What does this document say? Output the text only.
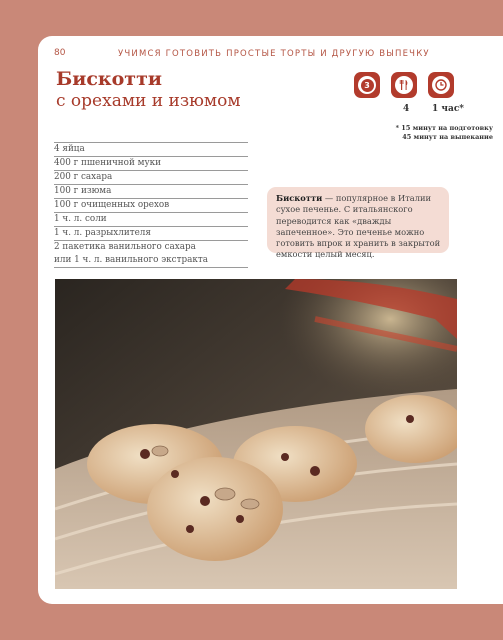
80	УЧИМСЯ ГОТОВИТЬ ПРОСТЫЕ ТОРТЫ И ДРУГУЮ ВЫПЕЧКУ
Бискотти
с орехами и изюмом
3
4	1 час*
* 15 минут на подготовку
45 минут на выпекание
4 яйца
400 г пшеничной муки
200 г сахара
100 г изюма
100 г очищенных орехов
1 ч. л. соли
1 ч. л. разрыхлителя
2 пакетика ванильного сахара
или 1 ч. л. ванильного экстракта
Бискотти — популярное в Италии сухое печенье. С итальянского переводится как «дважды запеченное». Это печенье можно готовить впрок и хранить в закрытой емкости целый месяц.
